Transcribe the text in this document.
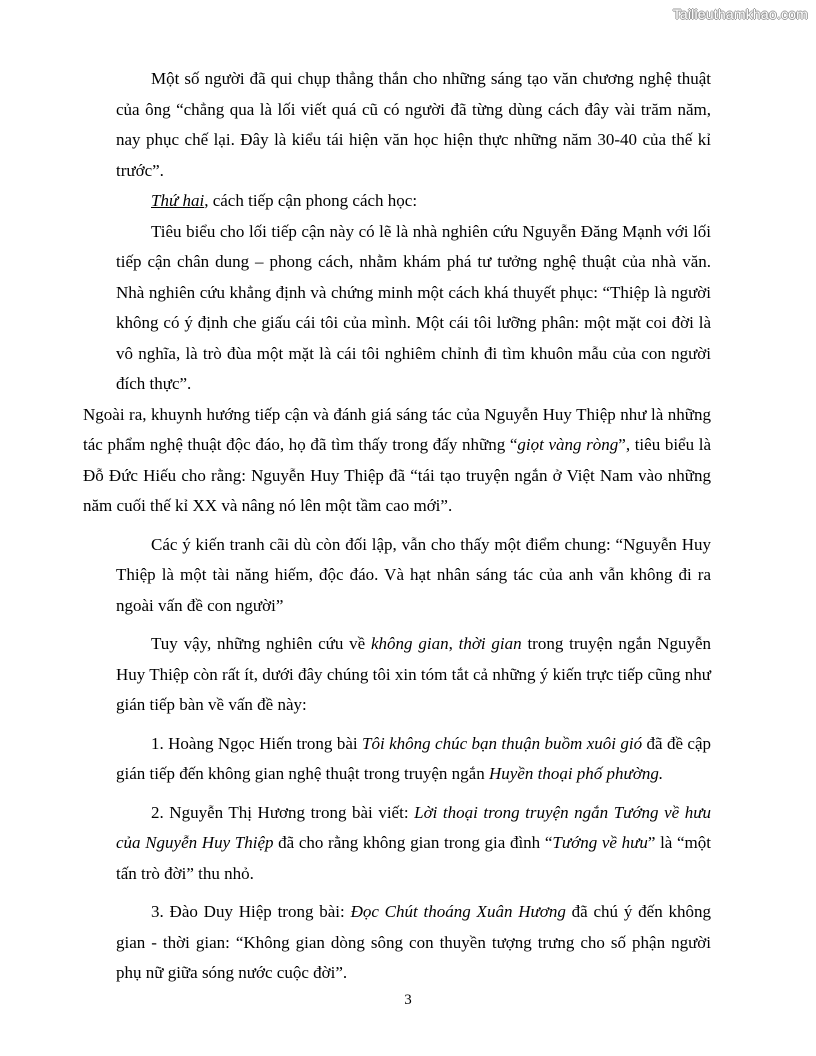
Tailieuthamkhao.com

Một số người đã qui chụp thẳng thắn cho những sáng tạo văn chương nghệ thuật của ông “chẳng qua là lối viết quá cũ có người đã từng dùng cách đây vài trăm năm, nay phục chế lại. Đây là kiểu tái hiện văn học hiện thực những năm 30-40 của thế kỉ trước”.

Thứ hai, cách tiếp cận phong cách học:

Tiêu biểu cho lối tiếp cận này có lẽ là nhà nghiên cứu Nguyễn Đăng Mạnh với lối tiếp cận chân dung – phong cách, nhằm khám phá tư tưởng nghệ thuật của nhà văn. Nhà nghiên cứu khẳng định và chứng minh một cách khá thuyết phục: “Thiệp là người không có ý định che giấu cái tôi của mình. Một cái tôi lưỡng phân: một mặt coi đời là vô nghĩa, là trò đùa một mặt là cái tôi nghiêm chỉnh đi tìm khuôn mẫu của con người đích thực”.

Ngoài ra, khuynh hướng tiếp cận và đánh giá sáng tác của Nguyễn Huy Thiệp như là những tác phẩm nghệ thuật độc đáo, họ đã tìm thấy trong đấy những “giọt vàng ròng”, tiêu biểu là Đỗ Đức Hiếu cho rằng: Nguyễn Huy Thiệp đã “tái tạo truyện ngắn ở Việt Nam vào những năm cuối thế kỉ XX và nâng nó lên một tầm cao mới”.

Các ý kiến tranh cãi dù còn đối lập, vẫn cho thấy một điểm chung: “Nguyễn Huy Thiệp là một tài năng hiếm, độc đáo. Và hạt nhân sáng tác của anh vẫn không đi ra ngoài vấn đề con người”

Tuy vậy, những nghiên cứu về không gian, thời gian trong truyện ngắn Nguyễn Huy Thiệp còn rất ít, dưới đây chúng tôi xin tóm tắt cả những ý kiến trực tiếp cũng như gián tiếp bàn về vấn đề này:

1. Hoàng Ngọc Hiến trong bài Tôi không chúc bạn thuận buồm xuôi gió đã đề cập gián tiếp đến không gian nghệ thuật trong truyện ngắn Huyền thoại phố phường.

2. Nguyễn Thị Hương trong bài viết: Lời thoại trong truyện ngắn Tướng về hưu của Nguyễn Huy Thiệp đã cho rằng không gian trong gia đình “Tướng về hưu” là “một tấn trò đời” thu nhỏ.

3. Đào Duy Hiệp trong bài: Đọc Chút thoáng Xuân Hương đã chú ý đến không gian - thời gian: “Không gian dòng sông con thuyền tượng trưng cho số phận người phụ nữ giữa sóng nước cuộc đời”.

3
